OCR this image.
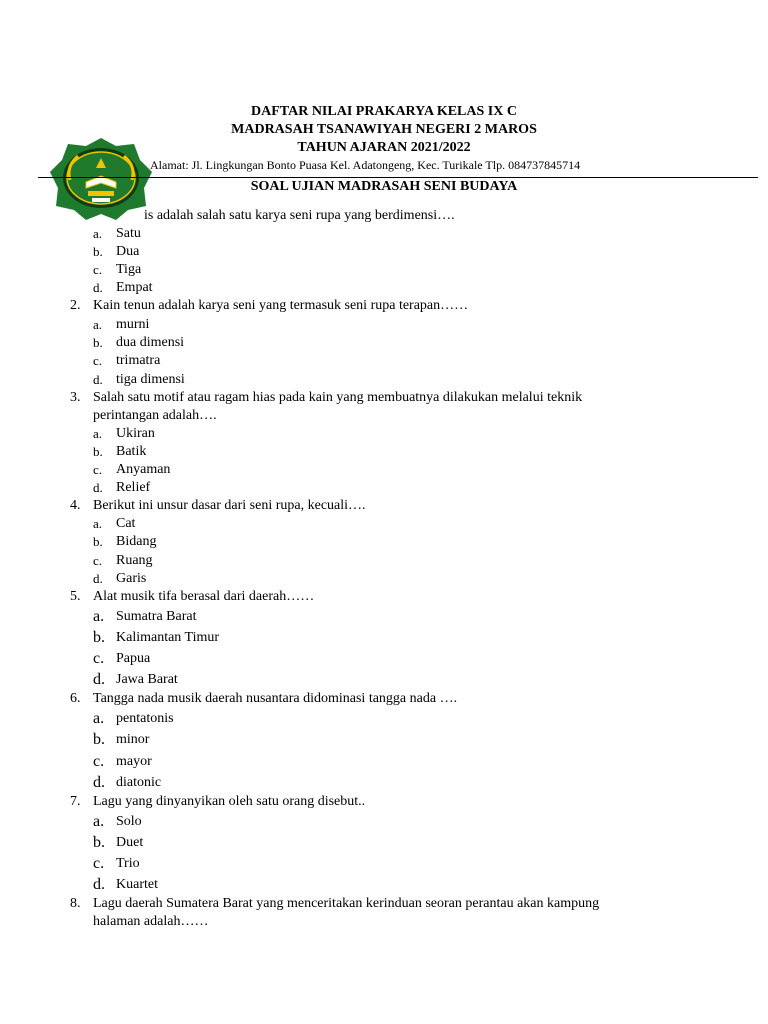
DAFTAR NILAI PRAKARYA KELAS IX C
MADRASAH TSANAWIYAH NEGERI 2 MAROS
TAHUN AJARAN 2021/2022
Alamat: Jl. Lingkungan Bonto Puasa Kel. Adatongeng, Kec. Turikale Tlp. 084737845714
SOAL UJIAN MADRASAH SENI BUDAYA
is adalah salah satu karya seni rupa yang berdimensi….
a. Satu
b. Dua
c. Tiga
d. Empat
2. Kain tenun adalah karya seni yang termasuk seni rupa terapan……
a. murni
b. dua dimensi
c. trimatra
d. tiga dimensi
3. Salah satu motif atau ragam hias pada kain yang membuatnya dilakukan melalui teknik
perintangan adalah….
a. Ukiran
b. Batik
c. Anyaman
d. Relief
4. Berikut ini unsur dasar dari seni rupa, kecuali….
a. Cat
b. Bidang
c. Ruang
d. Garis
5. Alat musik tifa berasal dari daerah……
a. Sumatra Barat
b. Kalimantan Timur
c. Papua
d. Jawa Barat
6. Tangga nada musik daerah nusantara didominasi tangga nada ….
a. pentatonis
b. minor
c. mayor
d. diatonic
7. Lagu yang dinyanyikan oleh satu orang disebut..
a. Solo
b. Duet
c. Trio
d. Kuartet
8. Lagu daerah Sumatera Barat yang menceritakan kerinduan seoran perantau akan kampung
halaman adalah……
